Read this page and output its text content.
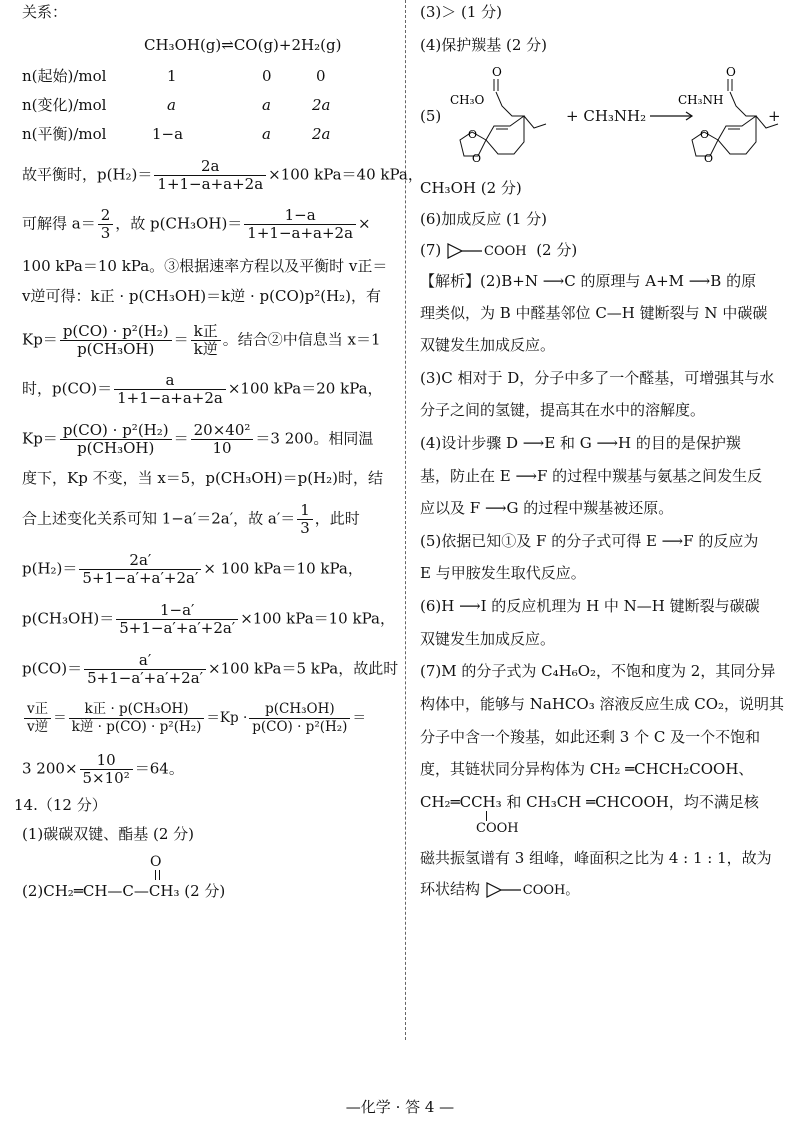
关系：
CH₃OH(g)⇌CO(g)+2H₂(g)
n(起始)/mol	1	0	0
n(变化)/mol	a	a	2a
n(平衡)/mol	1−a	a	2a
故平衡时，$p(H_2)= \frac{2a}{1+1-a+a+2a} \times 100$ kPa＝40 kPa，
可解得 $a= \frac{2}{3}$ ，故 $p(CH_3OH)= \frac{1-a}{1+1-a+a+2a}$ ×
100 kPa＝10 kPa。③根据速率方程以及平衡时 v正＝
v逆可得：k正 · p(CH₃OH)＝k逆 · p(CO)p²(H₂)，有
$Kp= \frac{\text{p(CO) · p²(H₂)}}{\text{p(CH₃OH)}} = \frac{\text{k正}}{\text{k逆}}$ 。结合②中信息当 x＝1
时，$p(CO)= \frac{a}{1+1-a+a+2a} \times 100$ kPa＝20 kPa，
$Kp= \frac{\text{p(CO) · p²(H₂)}}{\text{p(CH₃OH)}} = \frac{\text{20×40²}}{10} =3$ 200。相同温
度下，Kp 不变，当 x＝5，p(CH₃OH)＝p(H₂)时，结
合上述变化关系可知 1−a′＝2a′，故 $a'= \frac{1}{3}$ ，此时
$p(H_2)= \frac{2a'}{5+1-a'+a'+2a'} \times 100$ kPa＝10 kPa，
$p(CH_3OH)= \frac{1-a'}{5+1-a'+a'+2a'} \times 100$ kPa＝10 kPa，
$p(CO)= \frac{a'}{5+1-a'+a'+2a'} \times 100$ kPa＝5 kPa，故此时
$\frac{\text{v正}}{\text{v逆}} = \frac{\text{k正 · p(CH₃OH)}}{\text{k逆 · p(CO) · p²(H₂)}} =Kp \cdot \frac{\text{p(CH₃OH)}}{\text{p(CO) · p²(H₂)}}$ ＝
3 $200\times \frac{10}{\text{5×10²}} =64$。
14.（12 分）
(1)碳碳双键、酯基 (2 分)
O
(2)CH₂═CH—C—CH₃ (2 分)
(3)＞ (1 分)
(4)保护羰基 (2 分)
(5)
O
CH₃O
O
O
+ CH₃NH₂ →
O
CH₃NH
O
O
+
CH₃OH (2 分)
(6)加成反应 (1 分)
(7)	COOH (2 分)
【解析】(2)B+N ⟶C 的原理与 A+M ⟶B 的原
理类似，为 B 中醛基邻位 C—H 键断裂与 N 中碳碳
双键发生加成反应。
(3)C 相对于 D，分子中多了一个醛基，可增强其与水
分子之间的氢键，提高其在水中的溶解度。
(4)设计步骤 D ⟶E 和 G ⟶H 的目的是保护羰
基，防止在 E ⟶F 的过程中羰基与氨基之间发生反
应以及 F ⟶G 的过程中羰基被还原。
(5)依据已知①及 F 的分子式可得 E ⟶F 的反应为
E 与甲胺发生取代反应。
(6)H ⟶I 的反应机理为 H 中 N—H 键断裂与碳碳
双键发生加成反应。
(7)M 的分子式为 C₄H₆O₂，不饱和度为 2，其同分异
构体中，能够与 NaHCO₃ 溶液反应生成 CO₂，说明其
分子中含一个羧基，如此还剩 3 个 C 及一个不饱和
度，其链状同分异构体为 CH₂ ═CHCH₂COOH、
CH₂═CCH₃ 和 CH₃CH ═CHCOOH，均不满足核
COOH
磁共振氢谱有 3 组峰，峰面积之比为 4 : 1 : 1，故为
环状结构	COOH。
—化学 · 答 4 —
